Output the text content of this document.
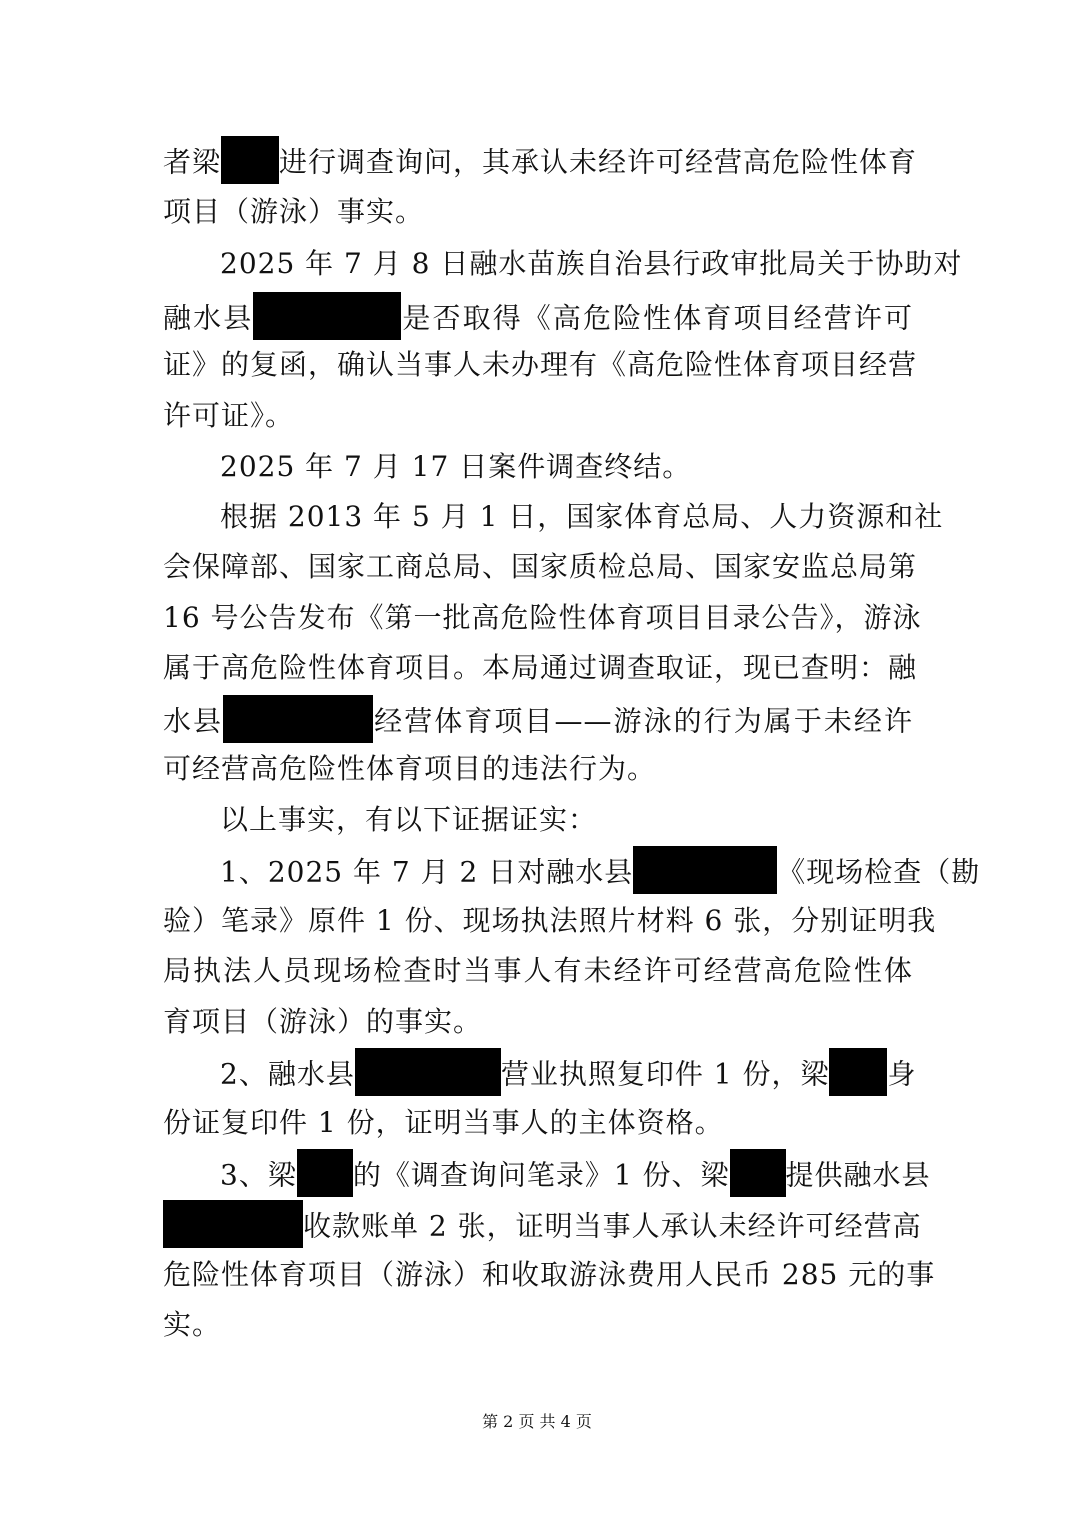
者梁 进行调查询问，其承认未经许可经营高危险性体育
项目（游泳）事实。
2025 年 7 月 8 日融水苗族自治县行政审批局关于协助对
融水县	是否取得《高危险性体育项目经营许可
证》的复函，确认当事人未办理有《高危险性体育项目经营
许可证》。
2025 年 7 月 17 日案件调查终结。
根据 2013 年 5 月 1 日，国家体育总局、人力资源和社
会保障部、国家工商总局、国家质检总局、国家安监总局第
16 号公告发布《第一批高危险性体育项目目录公告》，游泳
属于高危险性体育项目。本局通过调查取证，现已查明：融
水县	经营体育项目——游泳的行为属于未经许
可经营高危险性体育项目的违法行为。
以上事实，有以下证据证实：
1、2025 年 7 月 2 日对融水县	《现场检查（勘
验）笔录》原件 1 份、现场执法照片材料 6 张，分别证明我
局执法人员现场检查时当事人有未经许可经营高危险性体
育项目（游泳）的事实。
2、融水县	营业执照复印件 1 份，梁 身
份证复印件 1 份，证明当事人的主体资格。
3、梁 的《调查询问笔录》1 份、梁 提供融水县
收款账单 2 张，证明当事人承认未经许可经营高
危险性体育项目（游泳）和收取游泳费用人民币 285 元的事
实。
第 2 页 共 4 页
